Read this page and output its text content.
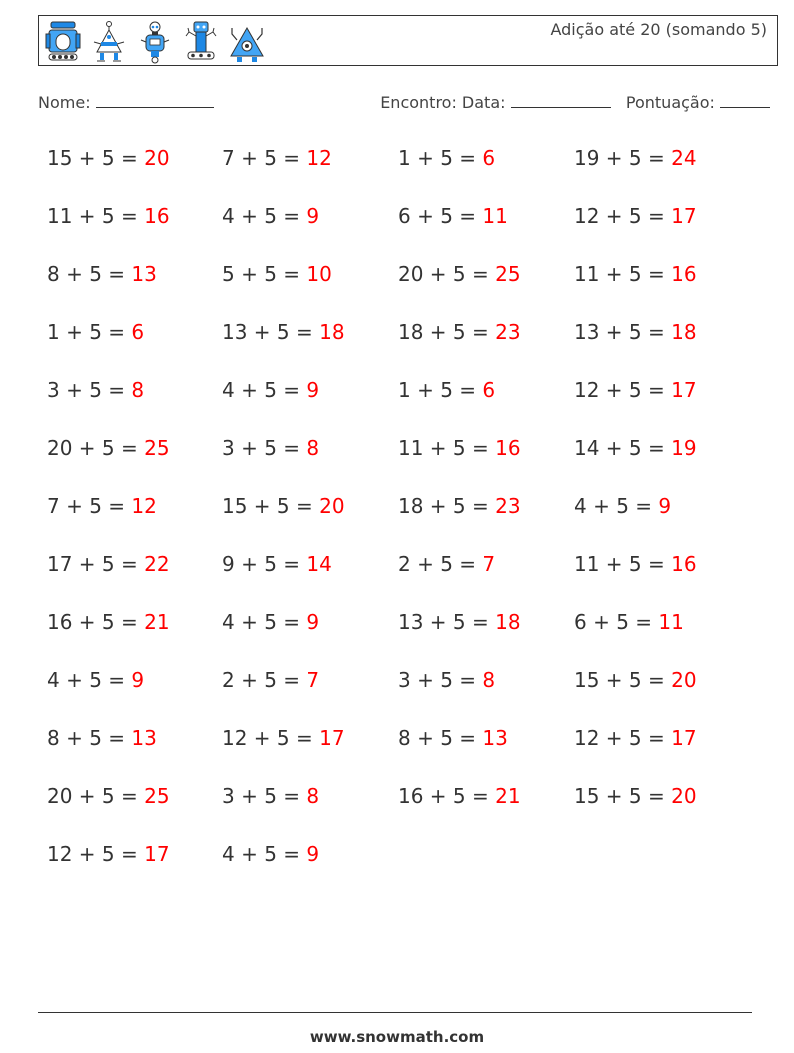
Adição até 20 (somando 5)
Nome:	Encontro: Data:	Pontuação:
15 + 5 = 20	7 + 5 = 12	1 + 5 = 6	19 + 5 = 24
11 + 5 = 16	4 + 5 = 9	6 + 5 = 11	12 + 5 = 17
8 + 5 = 13	5 + 5 = 10	20 + 5 = 25	11 + 5 = 16
1 + 5 = 6	13 + 5 = 18	18 + 5 = 23	13 + 5 = 18
3 + 5 = 8	4 + 5 = 9	1 + 5 = 6	12 + 5 = 17
20 + 5 = 25	3 + 5 = 8	11 + 5 = 16	14 + 5 = 19
7 + 5 = 12	15 + 5 = 20	18 + 5 = 23	4 + 5 = 9
17 + 5 = 22	9 + 5 = 14	2 + 5 = 7	11 + 5 = 16
16 + 5 = 21	4 + 5 = 9	13 + 5 = 18	6 + 5 = 11
4 + 5 = 9	2 + 5 = 7	3 + 5 = 8	15 + 5 = 20
8 + 5 = 13	12 + 5 = 17	8 + 5 = 13	12 + 5 = 17
20 + 5 = 25	3 + 5 = 8	16 + 5 = 21	15 + 5 = 20
12 + 5 = 17	4 + 5 = 9
www.snowmath.com
